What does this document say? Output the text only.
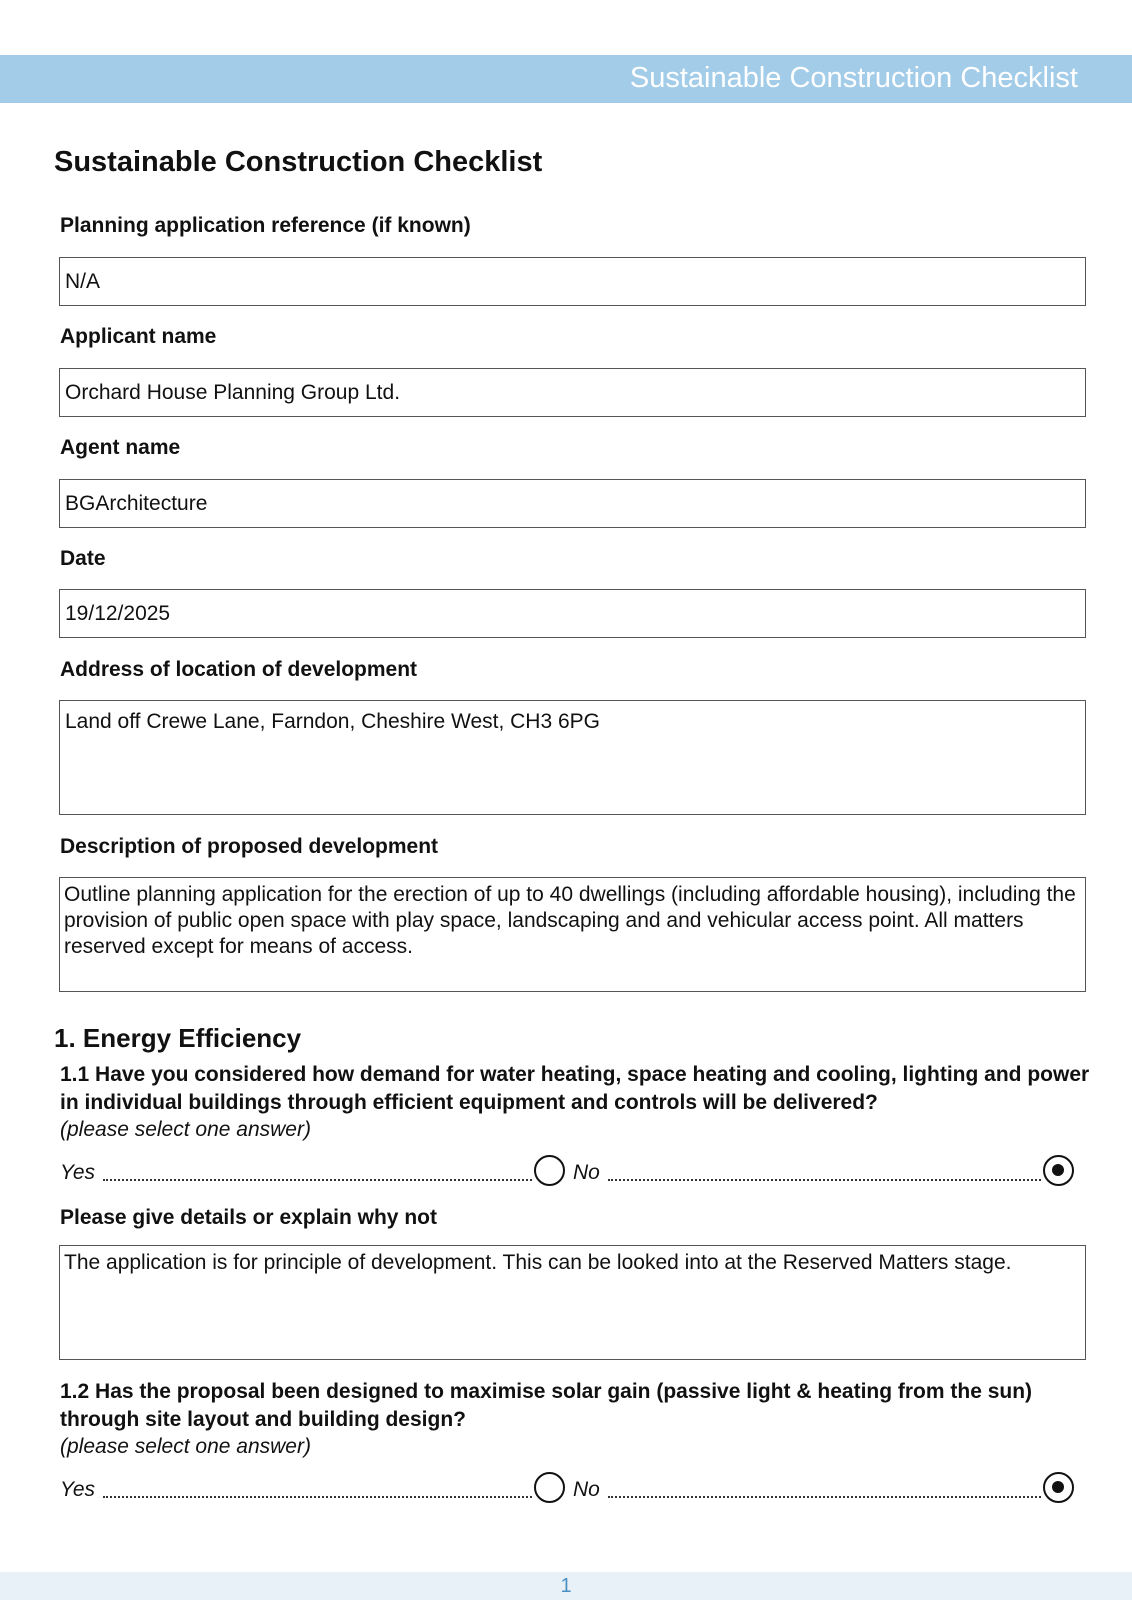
Sustainable Construction Checklist
Sustainable Construction Checklist
Planning application reference (if known)
N/A
Applicant name
Orchard House Planning Group Ltd.
Agent name
BGArchitecture
Date
19/12/2025
Address of location of development
Land off Crewe Lane, Farndon, Cheshire West, CH3 6PG
Description of proposed development
Outline planning application for the erection of up to 40 dwellings (including affordable housing), including the provision of public open space with play space, landscaping and and vehicular access point. All matters reserved except for means of access.
1. Energy Efficiency
1.1 Have you considered how demand for water heating, space heating and cooling, lighting and power in individual buildings through efficient equipment and controls will be delivered?
(please select one answer)
Yes	No
Please give details or explain why not
The application is for principle of development. This can be looked into at the Reserved Matters stage.
1.2 Has the proposal been designed to maximise solar gain (passive light & heating from the sun) through site layout and building design?
(please select one answer)
Yes	No
1
